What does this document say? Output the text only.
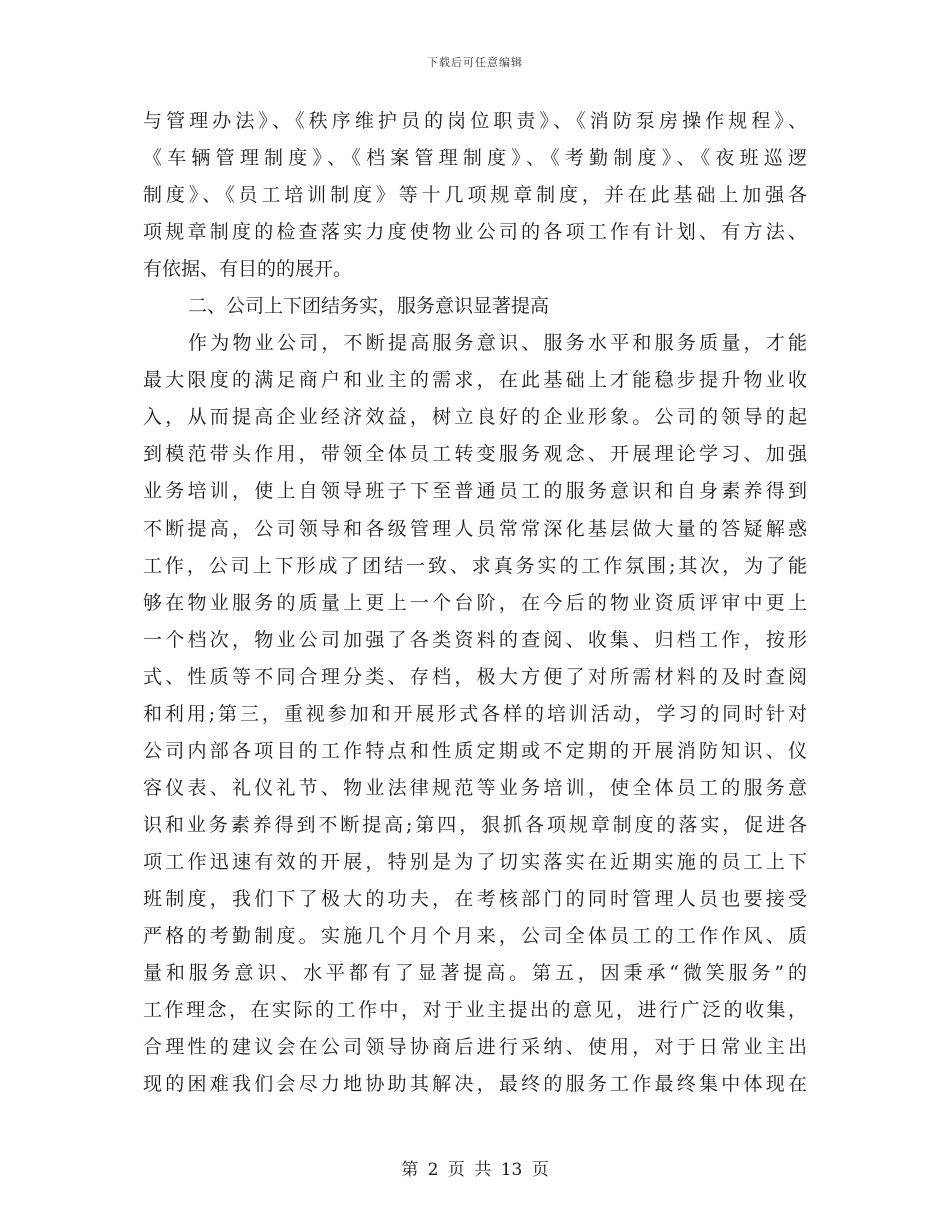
下载后可任意编辑
与管理办法》、《秩序维护员的岗位职责》、《消防泵房操作规程》、
《车辆管理制度》、《档案管理制度》、《考勤制度》、《夜班巡逻
制度》、《员工培训制度》等十几项规章制度，并在此基础上加强各
项规章制度的检查落实力度使物业公司的各项工作有计划、有方法、
有依据、有目的的展开。
二、公司上下团结务实，服务意识显著提高
作为物业公司，不断提高服务意识、服务水平和服务质量，才能
最大限度的满足商户和业主的需求，在此基础上才能稳步提升物业收
入，从而提高企业经济效益，树立良好的企业形象。公司的领导的起
到模范带头作用，带领全体员工转变服务观念、开展理论学习、加强
业务培训，使上自领导班子下至普通员工的服务意识和自身素养得到
不断提高，公司领导和各级管理人员常常深化基层做大量的答疑解惑
工作，公司上下形成了团结一致、求真务实的工作氛围;其次，为了能
够在物业服务的质量上更上一个台阶，在今后的物业资质评审中更上
一个档次，物业公司加强了各类资料的查阅、收集、归档工作，按形
式、性质等不同合理分类、存档，极大方便了对所需材料的及时查阅
和利用;第三，重视参加和开展形式各样的培训活动，学习的同时针对
公司内部各项目的工作特点和性质定期或不定期的开展消防知识、仪
容仪表、礼仪礼节、物业法律规范等业务培训，使全体员工的服务意
识和业务素养得到不断提高;第四，狠抓各项规章制度的落实，促进各
项工作迅速有效的开展，特别是为了切实落实在近期实施的员工上下
班制度，我们下了极大的功夫，在考核部门的同时管理人员也要接受
严格的考勤制度。实施几个月个月来，公司全体员工的工作作风、质
量和服务意识、水平都有了显著提高。第五，因秉承“微笑服务”的
工作理念，在实际的工作中，对于业主提出的意见，进行广泛的收集，
合理性的建议会在公司领导协商后进行采纳、使用，对于日常业主出
现的困难我们会尽力地协助其解决，最终的服务工作最终集中体现在
第 2 页 共 13 页
